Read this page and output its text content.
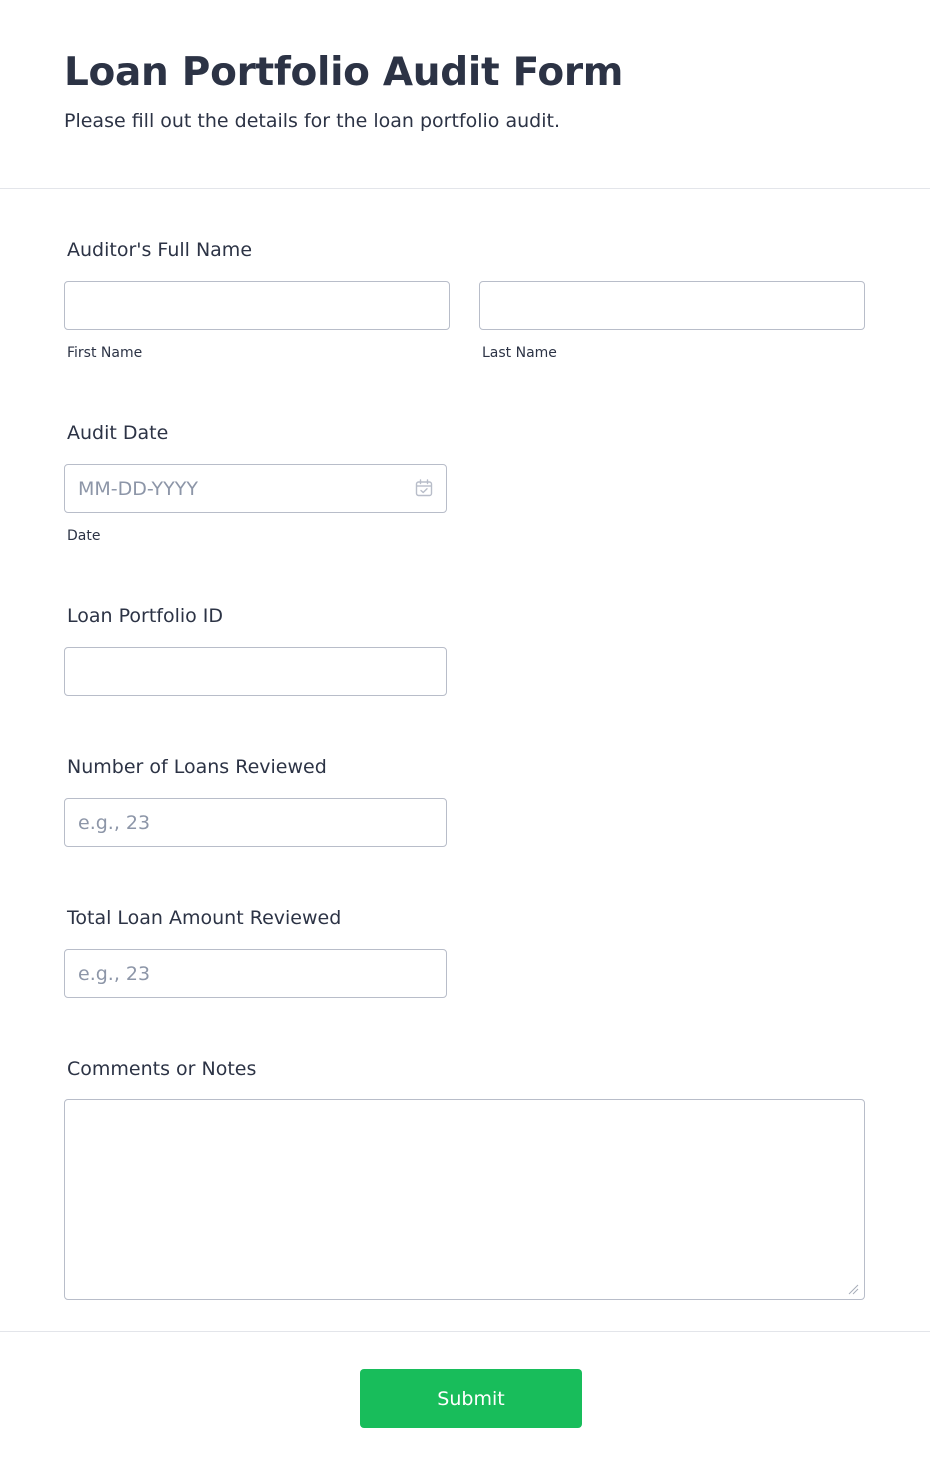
Loan Portfolio Audit Form

Please fill out the details for the loan portfolio audit.

Auditor's Full Name
First Name	Last Name
Audit Date
MM-DD-YYYY
Date
Loan Portfolio ID
Number of Loans Reviewed
e.g., 23
Total Loan Amount Reviewed
e.g., 23
Comments or Notes
Submit
